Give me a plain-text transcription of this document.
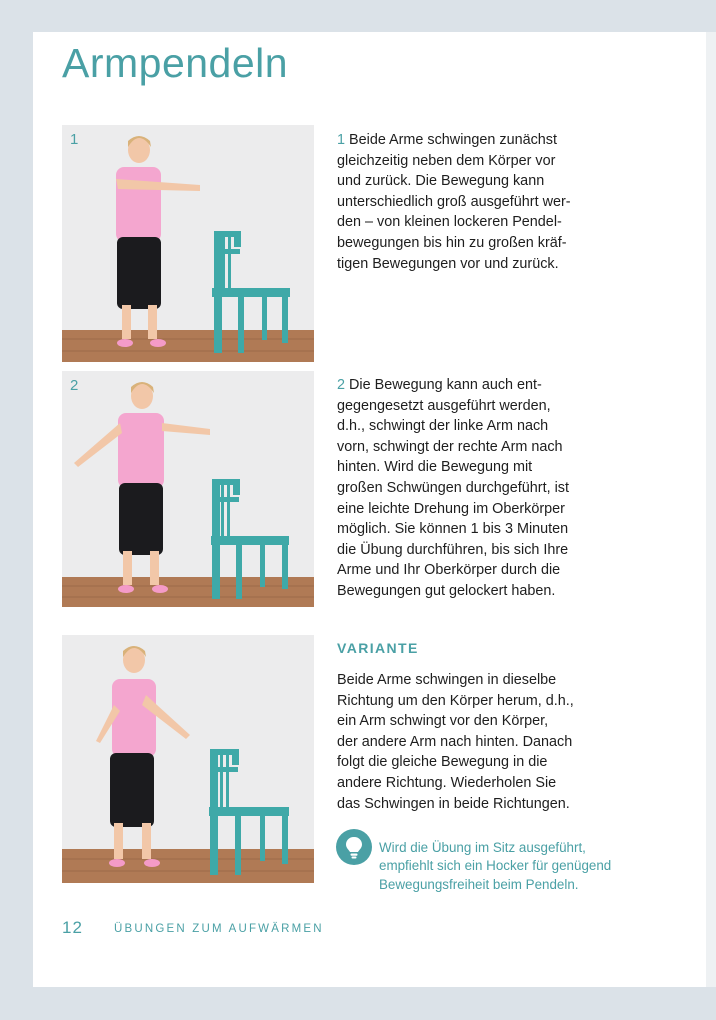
Armpendeln
1
2
1 Beide Arme schwingen zunächst
gleichzeitig neben dem Körper vor
und zurück. Die Bewegung kann
unterschiedlich groß ausgeführt wer-
den – von kleinen lockeren Pendel-
bewegungen bis hin zu großen kräf-
tigen Bewegungen vor und zurück.
2 Die Bewegung kann auch ent-
gegengesetzt ausgeführt werden,
d.h., schwingt der linke Arm nach
vorn, schwingt der rechte Arm nach
hinten. Wird die Bewegung mit
großen Schwüngen durchgeführt, ist
eine leichte Drehung im Oberkörper
möglich. Sie können 1 bis 3 Minuten
die Übung durchführen, bis sich Ihre
Arme und Ihr Oberkörper durch die
Bewegungen gut gelockert haben.
VARIANTE
Beide Arme schwingen in dieselbe
Richtung um den Körper herum, d.h.,
ein Arm schwingt vor den Körper,
der andere Arm nach hinten. Danach
folgt die gleiche Bewegung in die
andere Richtung. Wiederholen Sie
das Schwingen in beide Richtungen.
Wird die Übung im Sitz ausgeführt,
empfiehlt sich ein Hocker für genügend
Bewegungsfreiheit beim Pendeln.
12	ÜBUNGEN ZUM AUFWÄRMEN
